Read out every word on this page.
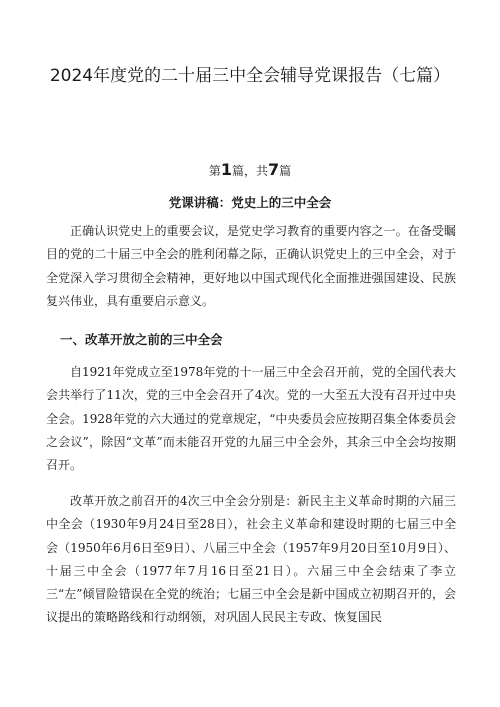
2024年度党的二十届三中全会辅导党课报告（七篇）
第1篇，共7篇
党课讲稿：党史上的三中全会

正确认识党史上的重要会议，是党史学习教育的重要内容之一。在备受瞩目的党的二十届三中全会的胜利闭幕之际，正确认识党史上的三中全会，对于全党深入学习贯彻全会精神，更好地以中国式现代化全面推进强国建设、民族复兴伟业，具有重要启示意义。

一、改革开放之前的三中全会

自1921年党成立至1978年党的十一届三中全会召开前，党的全国代表大会共举行了11次，党的三中全会召开了4次。党的一大至五大没有召开过中央全会。1928年党的六大通过的党章规定，“中央委员会应按期召集全体委员会之会议”，除因“文革”而未能召开党的九届三中全会外，其余三中全会均按期召开。

改革开放之前召开的4次三中全会分别是：新民主主义革命时期的六届三中全会（1930年9月24日至28日），社会主义革命和建设时期的七届三中全会（1950年6月6日至9日）、八届三中全会（1957年9月20日至10月9日）、十届三中全会（1977年7月16日至21日）。六届三中全会结束了李立三“左”倾冒险错误在全党的统治；七届三中全会是新中国成立初期召开的，会议提出的策略路线和行动纲领，对巩固人民民主专政、恢复国民
